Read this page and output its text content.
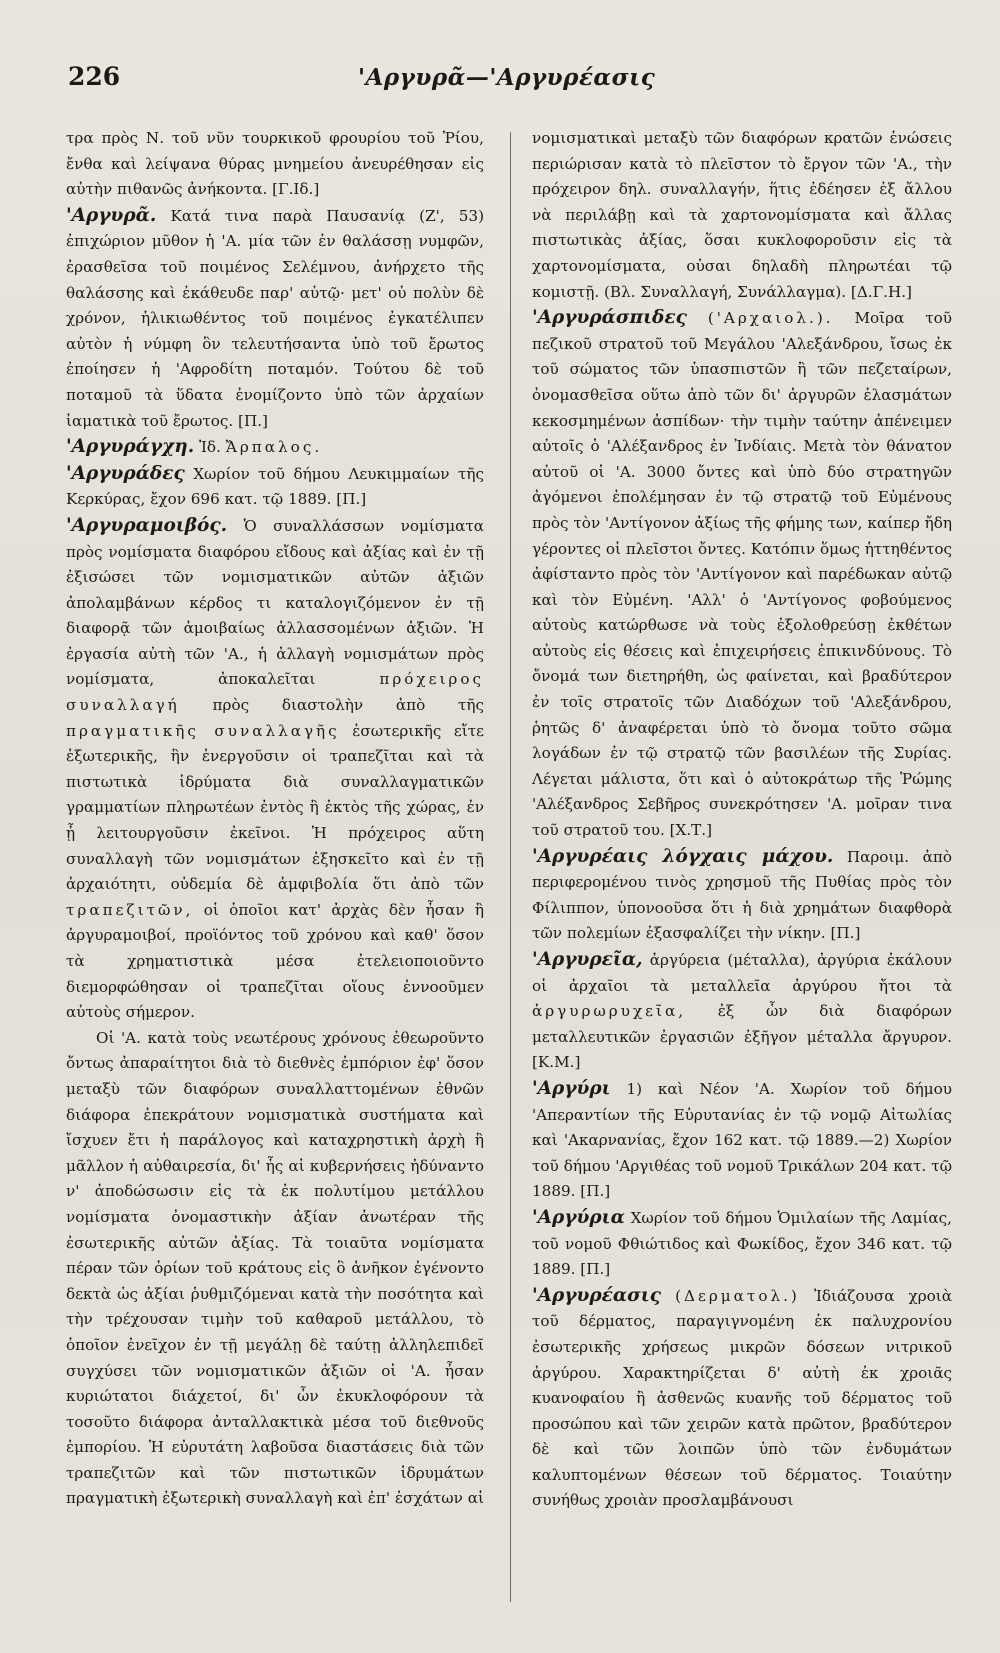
226	'Αργυρᾶ—'Αργυρέασις

τρα πρὸς Ν. τοῦ νῦν τουρκικοῦ φρουρίου τοῦ Ῥίου, ἔνθα καὶ λείψανα θύρας μνημείου ἀνευρέθησαν εἰς αὐτὴν πιθανῶς ἀνήκοντα. [Γ.Ιδ.]

'Αργυρᾶ. Κατά τινα παρὰ Παυσανίᾳ (Ζ', 53) ἐπιχώριον μῦθον ἡ 'Α. μία τῶν ἐν θαλάσσῃ νυμφῶν, ἐρασθεῖσα τοῦ ποιμένος Σελέμνου, ἀνήρχετο τῆς θαλάσσης καὶ ἐκάθευδε παρ' αὐτῷ· μετ' οὐ πολὺν δὲ χρόνον, ἡλικιωθέντος τοῦ ποιμένος ἐγκατέλιπεν αὐτὸν ἡ νύμφη ὃν τελευτήσαντα ὑπὸ τοῦ ἔρωτος ἐποίησεν ἡ 'Αφροδίτη ποταμόν. Τούτου δὲ τοῦ ποταμοῦ τὰ ὕδατα ἐνομίζοντο ὑπὸ τῶν ἀρχαίων ἰαματικὰ τοῦ ἔρωτος. [Π.]

'Αργυράγχη. Ἰδ. Ἄρπαλος.

'Αργυράδες Χωρίον τοῦ δήμου Λευκιμμαίων τῆς Κερκύρας, ἔχον 696 κατ. τῷ 1889. [Π.]

'Αργυραμοιβός. Ὁ συναλλάσσων νομίσματα πρὸς νομίσματα διαφόρου εἴδους καὶ ἀξίας καὶ ἐν τῇ ἐξισώσει τῶν νομισματικῶν αὐτῶν ἀξιῶν ἀπολαμβάνων κέρδος τι καταλογιζόμενον ἐν τῇ διαφορᾷ τῶν ἀμοιβαίως ἀλλασσομένων ἀξιῶν. Ἡ ἐργασία αὐτὴ τῶν 'Α., ἡ ἀλλαγὴ νομισμάτων πρὸς νομίσματα, ἀποκαλεῖται	πρόχειρος συναλλαγή πρὸς διαστολὴν ἀπὸ τῆς πραγματικῆς συναλλαγῆς ἐσωτερικῆς εἴτε ἐξωτερικῆς, ἣν ἐνεργοῦσιν οἱ τραπεζῖται καὶ τὰ πιστωτικὰ ἱδρύματα διὰ συναλλαγματικῶν γραμματίων πληρωτέων ἐντὸς ἢ ἐκτὸς τῆς χώρας, ἐν ᾗ λειτουργοῦσιν ἐκεῖνοι. Ἡ πρόχειρος αὕτη συναλλαγὴ τῶν νομισμάτων ἐξησκεῖτο καὶ ἐν τῇ ἀρχαιότητι, οὐδεμία δὲ ἀμφιβολία ὅτι ἀπὸ τῶν τραπεζιτῶν, οἱ ὁποῖοι κατ' ἀρχὰς δὲν ἦσαν ἢ ἀργυραμοιβοί, προϊόντος τοῦ χρόνου καὶ καθ' ὅσον τὰ χρηματιστικὰ μέσα ἐτελειοποιοῦντο διεμορφώθησαν οἱ τραπεζῖται οἵους ἐννοοῦμεν αὐτοὺς σήμερον.

Οἱ 'Α. κατὰ τοὺς νεωτέρους χρόνους ἐθεωροῦντο ὄντως ἀπαραίτητοι διὰ τὸ διεθνὲς ἐμπόριον ἐφ' ὅσον μεταξὺ τῶν διαφόρων συναλλαττομένων ἐθνῶν διάφορα ἐπεκράτουν νομισματικὰ συστήματα καὶ ἴσχυεν ἔτι ἡ παράλογος καὶ καταχρηστικὴ ἀρχὴ ἢ μᾶλλον ἡ αὐθαιρεσία, δι' ἧς αἱ κυβερνήσεις ἠδύναντο ν' ἀποδώσωσιν εἰς τὰ ἐκ πολυτίμου μετάλλου νομίσματα ὀνομαστικὴν ἀξίαν ἀνωτέραν τῆς ἐσωτερικῆς αὐτῶν ἀξίας. Τὰ τοιαῦτα νομίσματα πέραν τῶν ὁρίων τοῦ κράτους εἰς ὃ ἀνῆκον ἐγένοντο δεκτὰ ὡς ἀξίαι ῥυθμιζόμεναι κατὰ τὴν ποσότητα καὶ τὴν τρέχουσαν τιμὴν τοῦ καθαροῦ μετάλλου, τὸ ὁποῖον ἐνεῖχον ἐν τῇ μεγάλῃ δὲ ταύτῃ ἀλληλεπιδεῖ συγχύσει τῶν νομισματικῶν ἀξιῶν οἱ 'Α. ἦσαν κυριώτατοι διάχετοί, δι' ὧν ἐκυκλοφόρουν τὰ τοσοῦτο διάφορα ἀνταλλακτικὰ μέσα τοῦ διεθνοῦς ἐμπορίου. Ἡ εὐρυτάτη λαβοῦσα διαστάσεις διὰ τῶν τραπεζιτῶν καὶ τῶν πιστωτικῶν ἱδρυμάτων πραγματικὴ ἐξωτερικὴ συναλλαγὴ καὶ ἐπ' ἐσχάτων αἱ

νομισματικαὶ μεταξὺ τῶν διαφόρων κρατῶν ἑνώσεις περιώρισαν κατὰ τὸ πλεῖστον τὸ ἔργον τῶν 'Α., τὴν πρόχειρον δηλ. συναλλαγήν, ἥτις ἐδέησεν ἐξ ἄλλου νὰ περιλάβῃ καὶ τὰ χαρτονομίσματα καὶ ἄλλας πιστωτικὰς ἀξίας, ὅσαι κυκλοφοροῦσιν εἰς τὰ χαρτονομίσματα, οὐσαι δηλαδὴ πληρωτέαι τῷ κομιστῇ. (Βλ. Συναλλαγή, Συνάλλαγμα). [Δ.Γ.Η.]

'Αργυράσπιδες ('Αρχαιολ.). Μοῖρα τοῦ πεζικοῦ στρατοῦ τοῦ Μεγάλου 'Αλεξάνδρου, ἴσως ἐκ τοῦ σώματος τῶν ὑπασπιστῶν ἢ τῶν πεζεταίρων, ὀνομασθεῖσα οὕτω ἀπὸ τῶν δι' ἀργυρῶν ἐλασμάτων κεκοσμημένων ἀσπίδων· τὴν τιμὴν ταύτην ἀπένειμεν αὐτοῖς ὁ 'Αλέξανδρος ἐν Ἰνδίαις. Μετὰ τὸν θάνατον αὐτοῦ οἱ 'Α. 3000 ὄντες καὶ ὑπὸ δύο στρατηγῶν ἀγόμενοι ἐπολέμησαν ἐν τῷ στρατῷ τοῦ Εὐμένους πρὸς τὸν 'Αντίγονον ἀξίως τῆς φήμης των, καίπερ ἤδη γέροντες οἱ πλεῖστοι ὄντες. Κατόπιν ὅμως ἡττηθέντος ἀφίσταντο πρὸς τὸν 'Αντίγονον καὶ παρέδωκαν αὐτῷ καὶ τὸν Εὐμένη. 'Αλλ' ὁ 'Αντίγονος φοβούμενος αὐτοὺς κατώρθωσε νὰ τοὺς ἐξολοθρεύσῃ ἐκθέτων αὐτοὺς εἰς θέσεις καὶ ἐπιχειρήσεις ἐπικινδύνους. Τὸ ὄνομά των διετηρήθη, ὡς φαίνεται, καὶ βραδύτερον ἐν τοῖς στρατοῖς τῶν Διαδόχων τοῦ 'Αλεξάνδρου, ῥητῶς δ' ἀναφέρεται ὑπὸ τὸ ὄνομα τοῦτο σῶμα λογάδων ἐν τῷ στρατῷ τῶν βασιλέων τῆς Συρίας. Λέγεται μάλιστα, ὅτι καὶ ὁ αὐτοκράτωρ τῆς Ῥώμης 'Αλέξανδρος Σεβῆρος συνεκρότησεν 'Α. μοῖραν τινα τοῦ στρατοῦ του. [Χ.Τ.]

'Αργυρέαις λόγχαις μάχου. Παροιμ. ἀπὸ περιφερομένου τινὸς χρησμοῦ τῆς Πυθίας πρὸς τὸν Φίλιππον, ὑπονοοῦσα ὅτι ἡ διὰ χρημάτων διαφθορὰ τῶν πολεμίων ἐξασφαλίζει τὴν νίκην. [Π.]

'Αργυρεῖα, ἀργύρεια (μέταλλα), ἀργύρια ἐκάλουν οἱ ἀρχαῖοι τὰ μεταλλεῖα ἀργύρου ἤτοι τὰ ἀργυρωρυχεῖα, ἐξ ὧν διὰ διαφόρων μεταλλευτικῶν ἐργασιῶν ἐξῆγον μέταλλα ἄργυρον. [Κ.Μ.]

'Αργύρι 1) καὶ Νέον 'Α. Χωρίον τοῦ δήμου 'Απεραντίων τῆς Εὐρυτανίας ἐν τῷ νομῷ Αἰτωλίας καὶ 'Ακαρνανίας, ἔχον 162 κατ. τῷ 1889.—2) Χωρίον τοῦ δήμου 'Αργιθέας τοῦ νομοῦ Τρικάλων 204 κατ. τῷ 1889. [Π.]

'Αργύρια Χωρίον τοῦ δήμου Ὁμιλαίων τῆς Λαμίας, τοῦ νομοῦ Φθιώτιδος καὶ Φωκίδος, ἔχον 346 κατ. τῷ 1889. [Π.]

'Αργυρέασις (Δερματολ.) Ἰδιάζουσα χροιὰ τοῦ δέρματος, παραγιγνομένη ἐκ παλυχρονίου ἐσωτερικῆς χρήσεως μικρῶν δόσεων νιτρικοῦ ἀργύρου. Χαρακτηρίζεται δ' αὐτὴ ἐκ χροιᾶς κυανοφαίου ἢ ἀσθενῶς κυανῆς τοῦ δέρματος τοῦ προσώπου καὶ τῶν χειρῶν κατὰ πρῶτον, βραδύτερον δὲ καὶ τῶν λοιπῶν ὑπὸ τῶν ἐνδυμάτων καλυπτομένων θέσεων τοῦ δέρματος. Τοιαύτην συνήθως χροιὰν προσλαμβάνουσι
